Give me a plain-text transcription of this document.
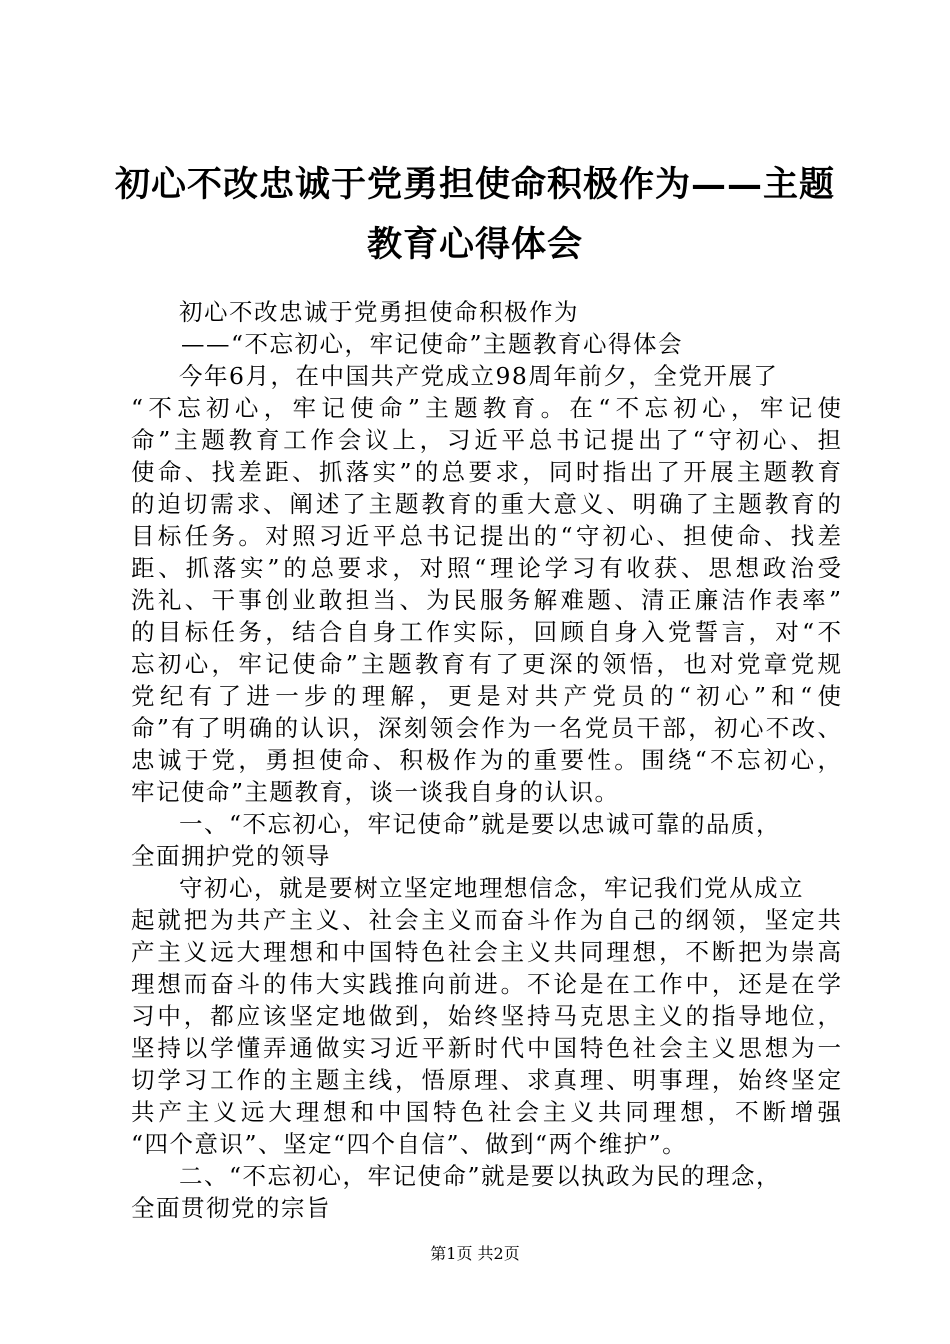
初心不改忠诚于党勇担使命积极作为——主题
教育心得体会
初心不改忠诚于党勇担使命积极作为
——“不忘初心，牢记使命”主题教育心得体会
今年6月，在中国共产党成立98周年前夕，全党开展了
“不忘初心，牢记使命”主题教育。在“不忘初心，牢记使
命”主题教育工作会议上，习近平总书记提出了“守初心、担
使命、找差距、抓落实”的总要求，同时指出了开展主题教育
的迫切需求、阐述了主题教育的重大意义、明确了主题教育的
目标任务。对照习近平总书记提出的“守初心、担使命、找差
距、抓落实”的总要求，对照“理论学习有收获、思想政治受
洗礼、干事创业敢担当、为民服务解难题、清正廉洁作表率”
的目标任务，结合自身工作实际，回顾自身入党誓言，对“不
忘初心，牢记使命”主题教育有了更深的领悟，也对党章党规
党纪有了进一步的理解，更是对共产党员的“初心”和“使
命”有了明确的认识，深刻领会作为一名党员干部，初心不改、
忠诚于党，勇担使命、积极作为的重要性。围绕“不忘初心，
牢记使命”主题教育，谈一谈我自身的认识。
一、“不忘初心，牢记使命”就是要以忠诚可靠的品质，
全面拥护党的领导
守初心，就是要树立坚定地理想信念，牢记我们党从成立
起就把为共产主义、社会主义而奋斗作为自己的纲领，坚定共
产主义远大理想和中国特色社会主义共同理想，不断把为崇高
理想而奋斗的伟大实践推向前进。不论是在工作中，还是在学
习中，都应该坚定地做到，始终坚持马克思主义的指导地位，
坚持以学懂弄通做实习近平新时代中国特色社会主义思想为一
切学习工作的主题主线，悟原理、求真理、明事理，始终坚定
共产主义远大理想和中国特色社会主义共同理想，不断增强
“四个意识”、坚定“四个自信”、做到“两个维护”。
二、“不忘初心，牢记使命”就是要以执政为民的理念，
全面贯彻党的宗旨
第1页 共2页
